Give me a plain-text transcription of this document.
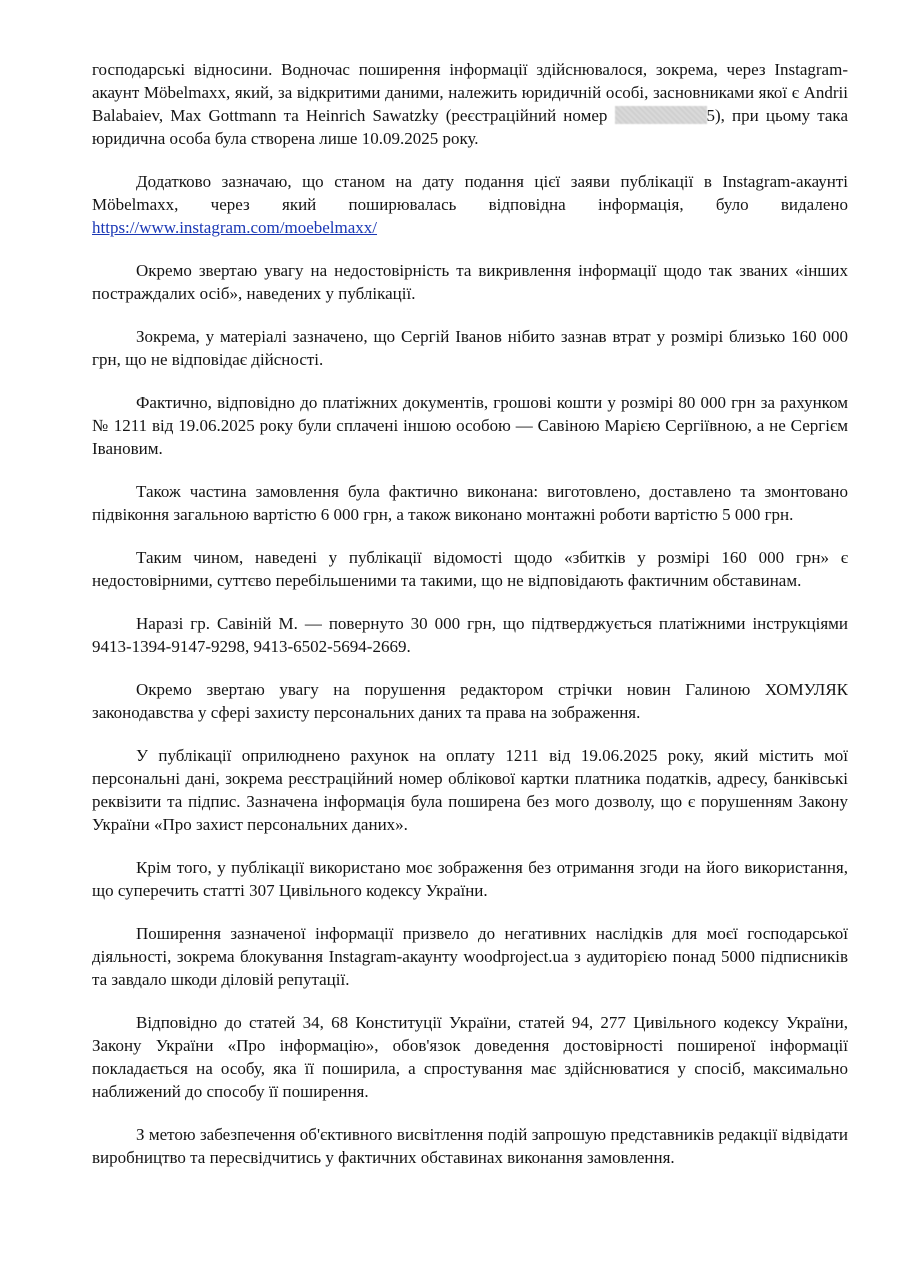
господарські відносини. Водночас поширення інформації здійснювалося, зокрема, через Instagram-акаунт Möbelmaxx, який, за відкритими даними, належить юридичній особі, засновниками якої є Andrii Balabaiev, Max Gottmann та Heinrich Sawatzky (реєстраційний номер	5), при цьому така юридична особа була створена лише 10.09.2025 року.

Додатково зазначаю, що станом на дату подання цієї заяви публікації в Instagram-акаунті Möbelmaxx, через який поширювалась відповідна інформація, було видалено https://www.instagram.com/moebelmaxx/

Окремо звертаю увагу на недостовірність та викривлення інформації щодо так званих «інших постраждалих осіб», наведених у публікації.

Зокрема, у матеріалі зазначено, що Сергій Іванов нібито зазнав втрат у розмірі близько 160 000 грн, що не відповідає дійсності.

Фактично, відповідно до платіжних документів, грошові кошти у розмірі 80 000 грн за рахунком № 1211 від 19.06.2025 року були сплачені іншою особою — Савіною Марією Сергіївною, а не Сергієм Івановим.

Також частина замовлення була фактично виконана: виготовлено, доставлено та змонтовано підвіконня загальною вартістю 6 000 грн, а також виконано монтажні роботи вартістю 5 000 грн.

Таким чином, наведені у публікації відомості щодо «збитків у розмірі 160 000 грн» є недостовірними, суттєво перебільшеними та такими, що не відповідають фактичним обставинам.

Наразі гр. Савіній М. — повернуто 30 000 грн, що підтверджується платіжними інструкціями 9413-1394-9147-9298, 9413-6502-5694-2669.

Окремо звертаю увагу на порушення редактором стрічки новин Галиною ХОМУЛЯК законодавства у сфері захисту персональних даних та права на зображення.

У публікації оприлюднено рахунок на оплату 1211 від 19.06.2025 року, який містить мої персональні дані, зокрема реєстраційний номер облікової картки платника податків, адресу, банківські реквізити та підпис. Зазначена інформація була поширена без мого дозволу, що є порушенням Закону України «Про захист персональних даних».

Крім того, у публікації використано моє зображення без отримання згоди на його використання, що суперечить статті 307 Цивільного кодексу України.

Поширення зазначеної інформації призвело до негативних наслідків для моєї господарської діяльності, зокрема блокування Instagram-акаунту woodproject.ua з аудиторією понад 5000 підписників та завдало шкоди діловій репутації.

Відповідно до статей 34, 68 Конституції України, статей 94, 277 Цивільного кодексу України, Закону України «Про інформацію», обов'язок доведення достовірності поширеної інформації покладається на особу, яка її поширила, а спростування має здійснюватися у спосіб, максимально наближений до способу її поширення.

З метою забезпечення об'єктивного висвітлення подій запрошую представників редакції відвідати виробництво та пересвідчитись у фактичних обставинах виконання замовлення.
